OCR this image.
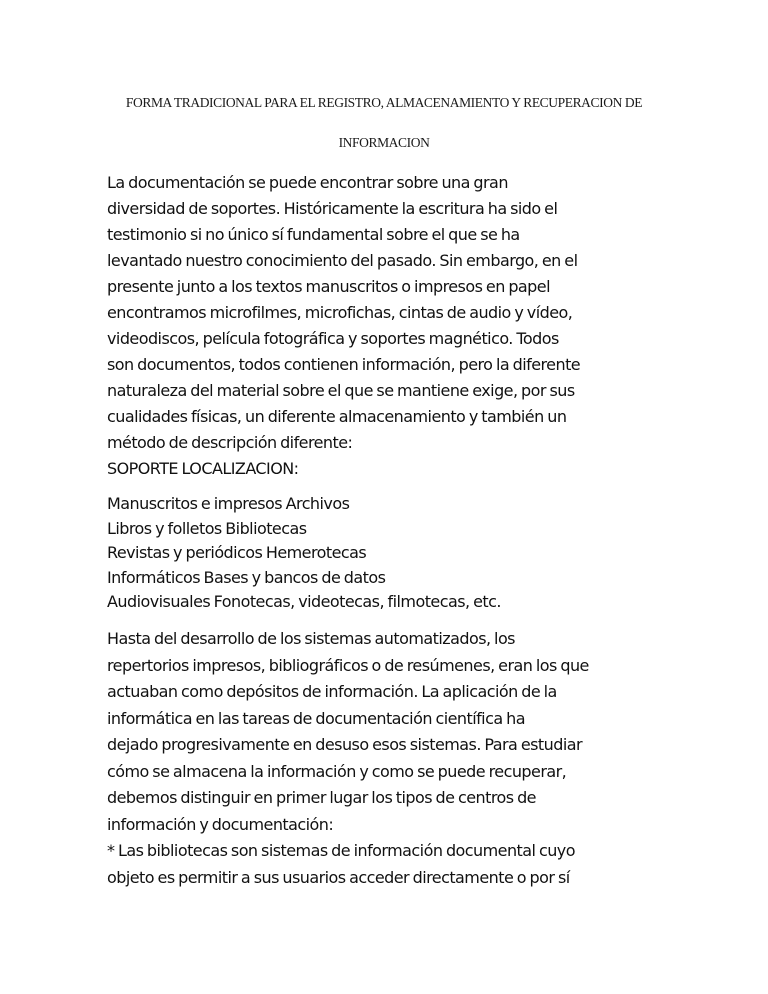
FORMA TRADICIONAL PARA EL REGISTRO, ALMACENAMIENTO Y RECUPERACION DE
INFORMACION
La documentación se puede encontrar sobre una gran
diversidad de soportes. Históricamente la escritura ha sido el
testimonio si no único sí fundamental sobre el que se ha
levantado nuestro conocimiento del pasado. Sin embargo, en el
presente junto a los textos manuscritos o impresos en papel
encontramos microfilmes, microfichas, cintas de audio y vídeo,
videodiscos, película fotográfica y soportes magnético. Todos
son documentos, todos contienen información, pero la diferente
naturaleza del material sobre el que se mantiene exige, por sus
cualidades físicas, un diferente almacenamiento y también un
método de descripción diferente:
SOPORTE LOCALIZACION:
Manuscritos e impresos Archivos
Libros y folletos Bibliotecas
Revistas y periódicos Hemerotecas
Informáticos Bases y bancos de datos
Audiovisuales Fonotecas, videotecas, filmotecas, etc.
Hasta del desarrollo de los sistemas automatizados, los
repertorios impresos, bibliográficos o de resúmenes, eran los que
actuaban como depósitos de información. La aplicación de la
informática en las tareas de documentación científica ha
dejado progresivamente en desuso esos sistemas. Para estudiar
cómo se almacena la información y como se puede recuperar,
debemos distinguir en primer lugar los tipos de centros de
información y documentación:
* Las bibliotecas son sistemas de información documental cuyo
objeto es permitir a sus usuarios acceder directamente o por sí
